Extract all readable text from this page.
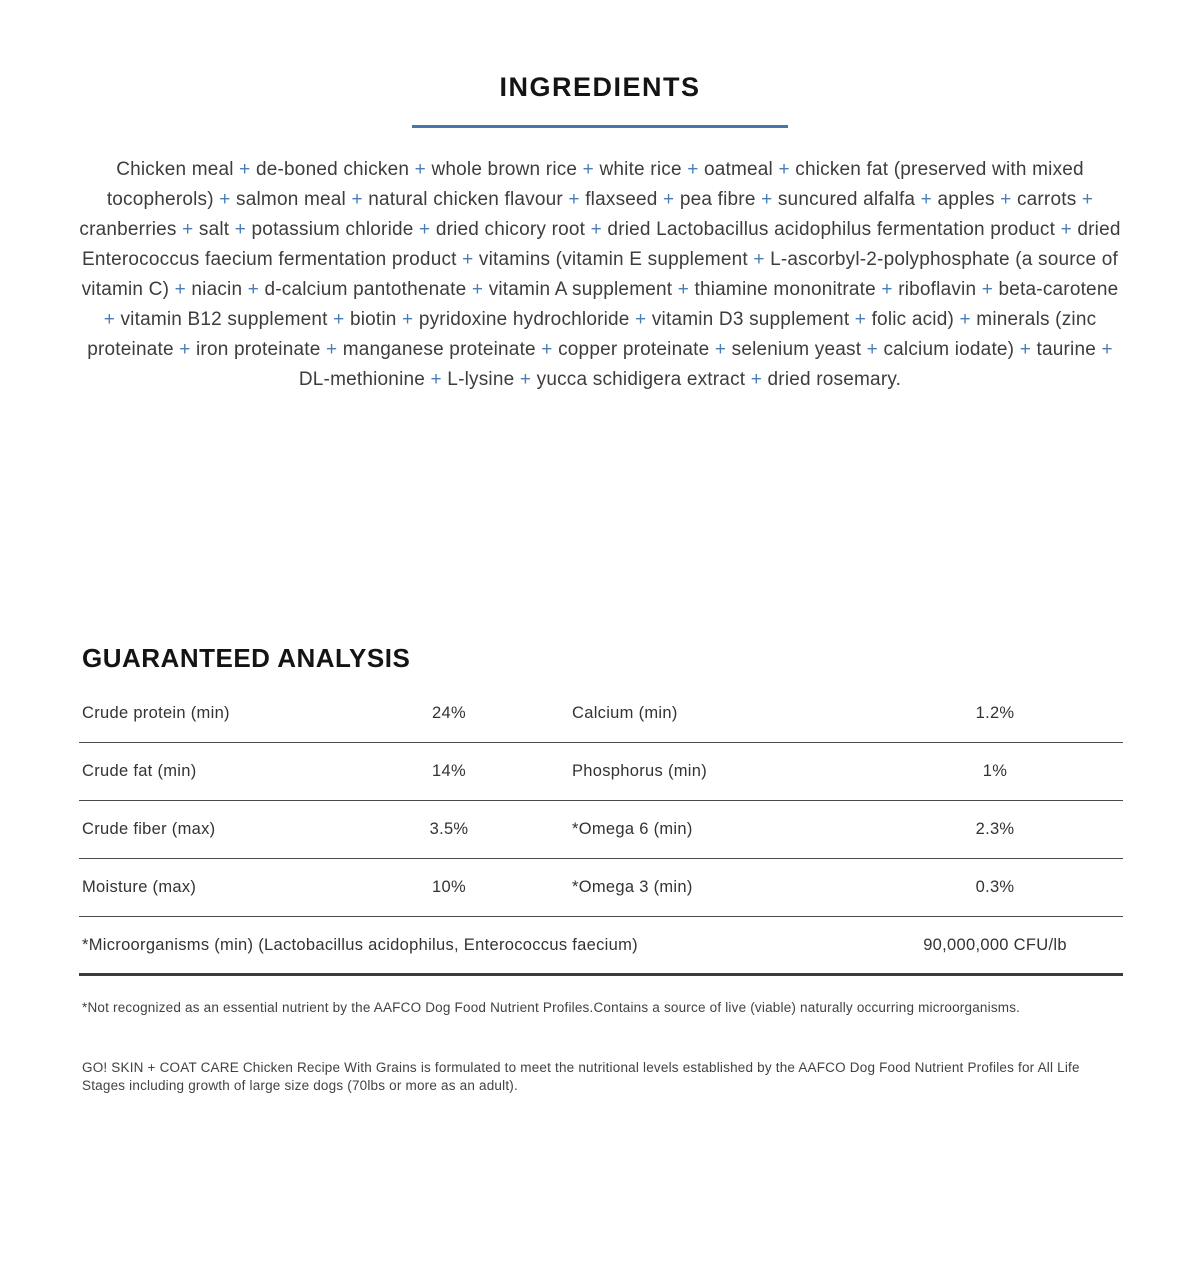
INGREDIENTS

Chicken meal + de-boned chicken + whole brown rice + white rice + oatmeal + chicken fat (preserved with mixed tocopherols) + salmon meal + natural chicken flavour + flaxseed + pea fibre + suncured alfalfa + apples + carrots + cranberries + salt + potassium chloride + dried chicory root + dried Lactobacillus acidophilus fermentation product + dried Enterococcus faecium fermentation product + vitamins (vitamin E supplement + L-ascorbyl-2-polyphosphate (a source of vitamin C) + niacin + d-calcium pantothenate + vitamin A supplement + thiamine mononitrate + riboflavin + beta-carotene + vitamin B12 supplement + biotin + pyridoxine hydrochloride + vitamin D3 supplement + folic acid) + minerals (zinc proteinate + iron proteinate + manganese proteinate + copper proteinate + selenium yeast + calcium iodate) + taurine + DL-methionine + L-lysine + yucca schidigera extract + dried rosemary.

GUARANTEED ANALYSIS
Crude protein (min)	24%	Calcium (min)	1.2%
Crude fat (min)	14%	Phosphorus (min)	1%
Crude fiber (max)	3.5%	*Omega 6 (min)	2.3%
Moisture (max)	10%	*Omega 3 (min)	0.3%
*Microorganisms (min) (Lactobacillus acidophilus, Enterococcus faecium)	90,000,000 CFU/lb

*Not recognized as an essential nutrient by the AAFCO Dog Food Nutrient Profiles.Contains a source of live (viable) naturally occurring microorganisms.

GO! SKIN + COAT CARE Chicken Recipe With Grains is formulated to meet the nutritional levels established by the AAFCO Dog Food Nutrient Profiles for All Life Stages including growth of large size dogs (70lbs or more as an adult).
